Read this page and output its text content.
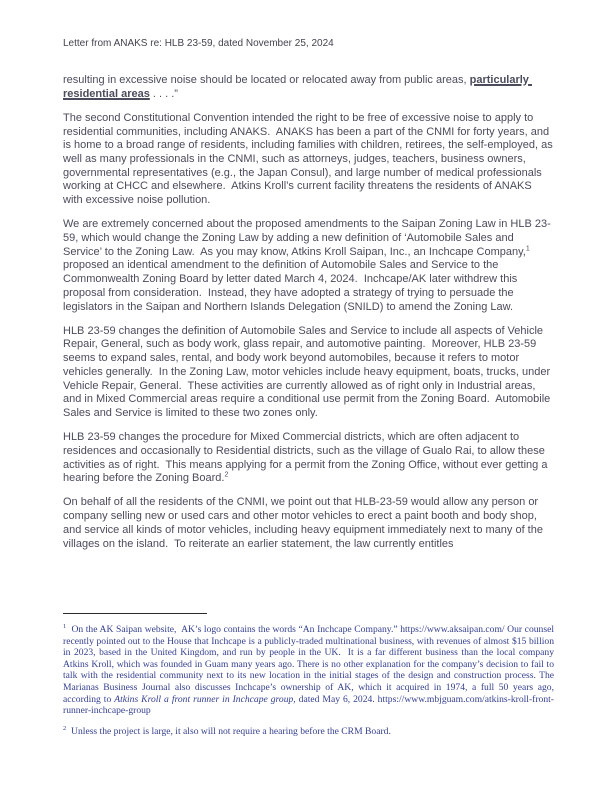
Letter from ANAKS re: HLB 23-59, dated November 25, 2024

resulting in excessive noise should be located or relocated away from public areas, particularly residential areas . . . .”

The second Constitutional Convention intended the right to be free of excessive noise to apply to residential communities, including ANAKS.  ANAKS has been a part of the CNMI for forty years, and is home to a broad range of residents, including families with children, retirees, the self-employed, as well as many professionals in the CNMI, such as attorneys, judges, teachers, business owners, governmental representatives (e.g., the Japan Consul), and large number of medical professionals working at CHCC and elsewhere.  Atkins Kroll’s current facility threatens the residents of ANAKS with excessive noise pollution.

We are extremely concerned about the proposed amendments to the Saipan Zoning Law in HLB 23-59, which would change the Zoning Law by adding a new definition of ‘Automobile Sales and Service’ to the Zoning Law.  As you may know, Atkins Kroll Saipan, Inc., an Inchcape Company,$^1$ proposed an identical amendment to the definition of Automobile Sales and Service to the Commonwealth Zoning Board by letter dated March 4, 2024.  Inchcape/AK later withdrew this proposal from consideration.  Instead, they have adopted a strategy of trying to persuade the legislators in the Saipan and Northern Islands Delegation (SNILD) to amend the Zoning Law.

HLB 23-59 changes the definition of Automobile Sales and Service to include all aspects of Vehicle Repair, General, such as body work, glass repair, and automotive painting.  Moreover, HLB 23-59 seems to expand sales, rental, and body work beyond automobiles, because it refers to motor vehicles generally.  In the Zoning Law, motor vehicles include heavy equipment, boats, trucks, under Vehicle Repair, General.  These activities are currently allowed as of right only in Industrial areas, and in Mixed Commercial areas require a conditional use permit from the Zoning Board.  Automobile Sales and Service is limited to these two zones only.

HLB 23-59 changes the procedure for Mixed Commercial districts, which are often adjacent to residences and occasionally to Residential districts, such as the village of Gualo Rai, to allow these activities as of right.  This means applying for a permit from the Zoning Office, without ever getting a hearing before the Zoning Board.$^2$

On behalf of all the residents of the CNMI, we point out that HLB-23-59 would allow any person or company selling new or used cars and other motor vehicles to erect a paint booth and body shop, and service all kinds of motor vehicles, including heavy equipment immediately next to many of the villages on the island.  To reiterate an earlier statement, the law currently entitles

$^1$  On the AK Saipan website,  AK’s logo contains the words “An Inchcape Company.” https://www.aksaipan.com/ Our counsel recently pointed out to the House that Inchcape is a publicly-traded multinational business, with revenues of almost $15 billion in 2023, based in the United Kingdom, and run by people in the UK.  It is a far different business than the local company Atkins Kroll, which was founded in Guam many years ago. There is no other explanation for the company’s decision to fail to talk with the residential community next to its new location in the initial stages of the design and construction process. The Marianas Business Journal also discusses Inchcape’s ownership of AK, which it acquired in 1974, a full 50 years ago, according to Atkins Kroll a front runner in Inchcape group, dated May 6, 2024. https://www.mbjguam.com/atkins-kroll-front-runner-inchcape-group

$^2$  Unless the project is large, it also will not require a hearing before the CRM Board.
